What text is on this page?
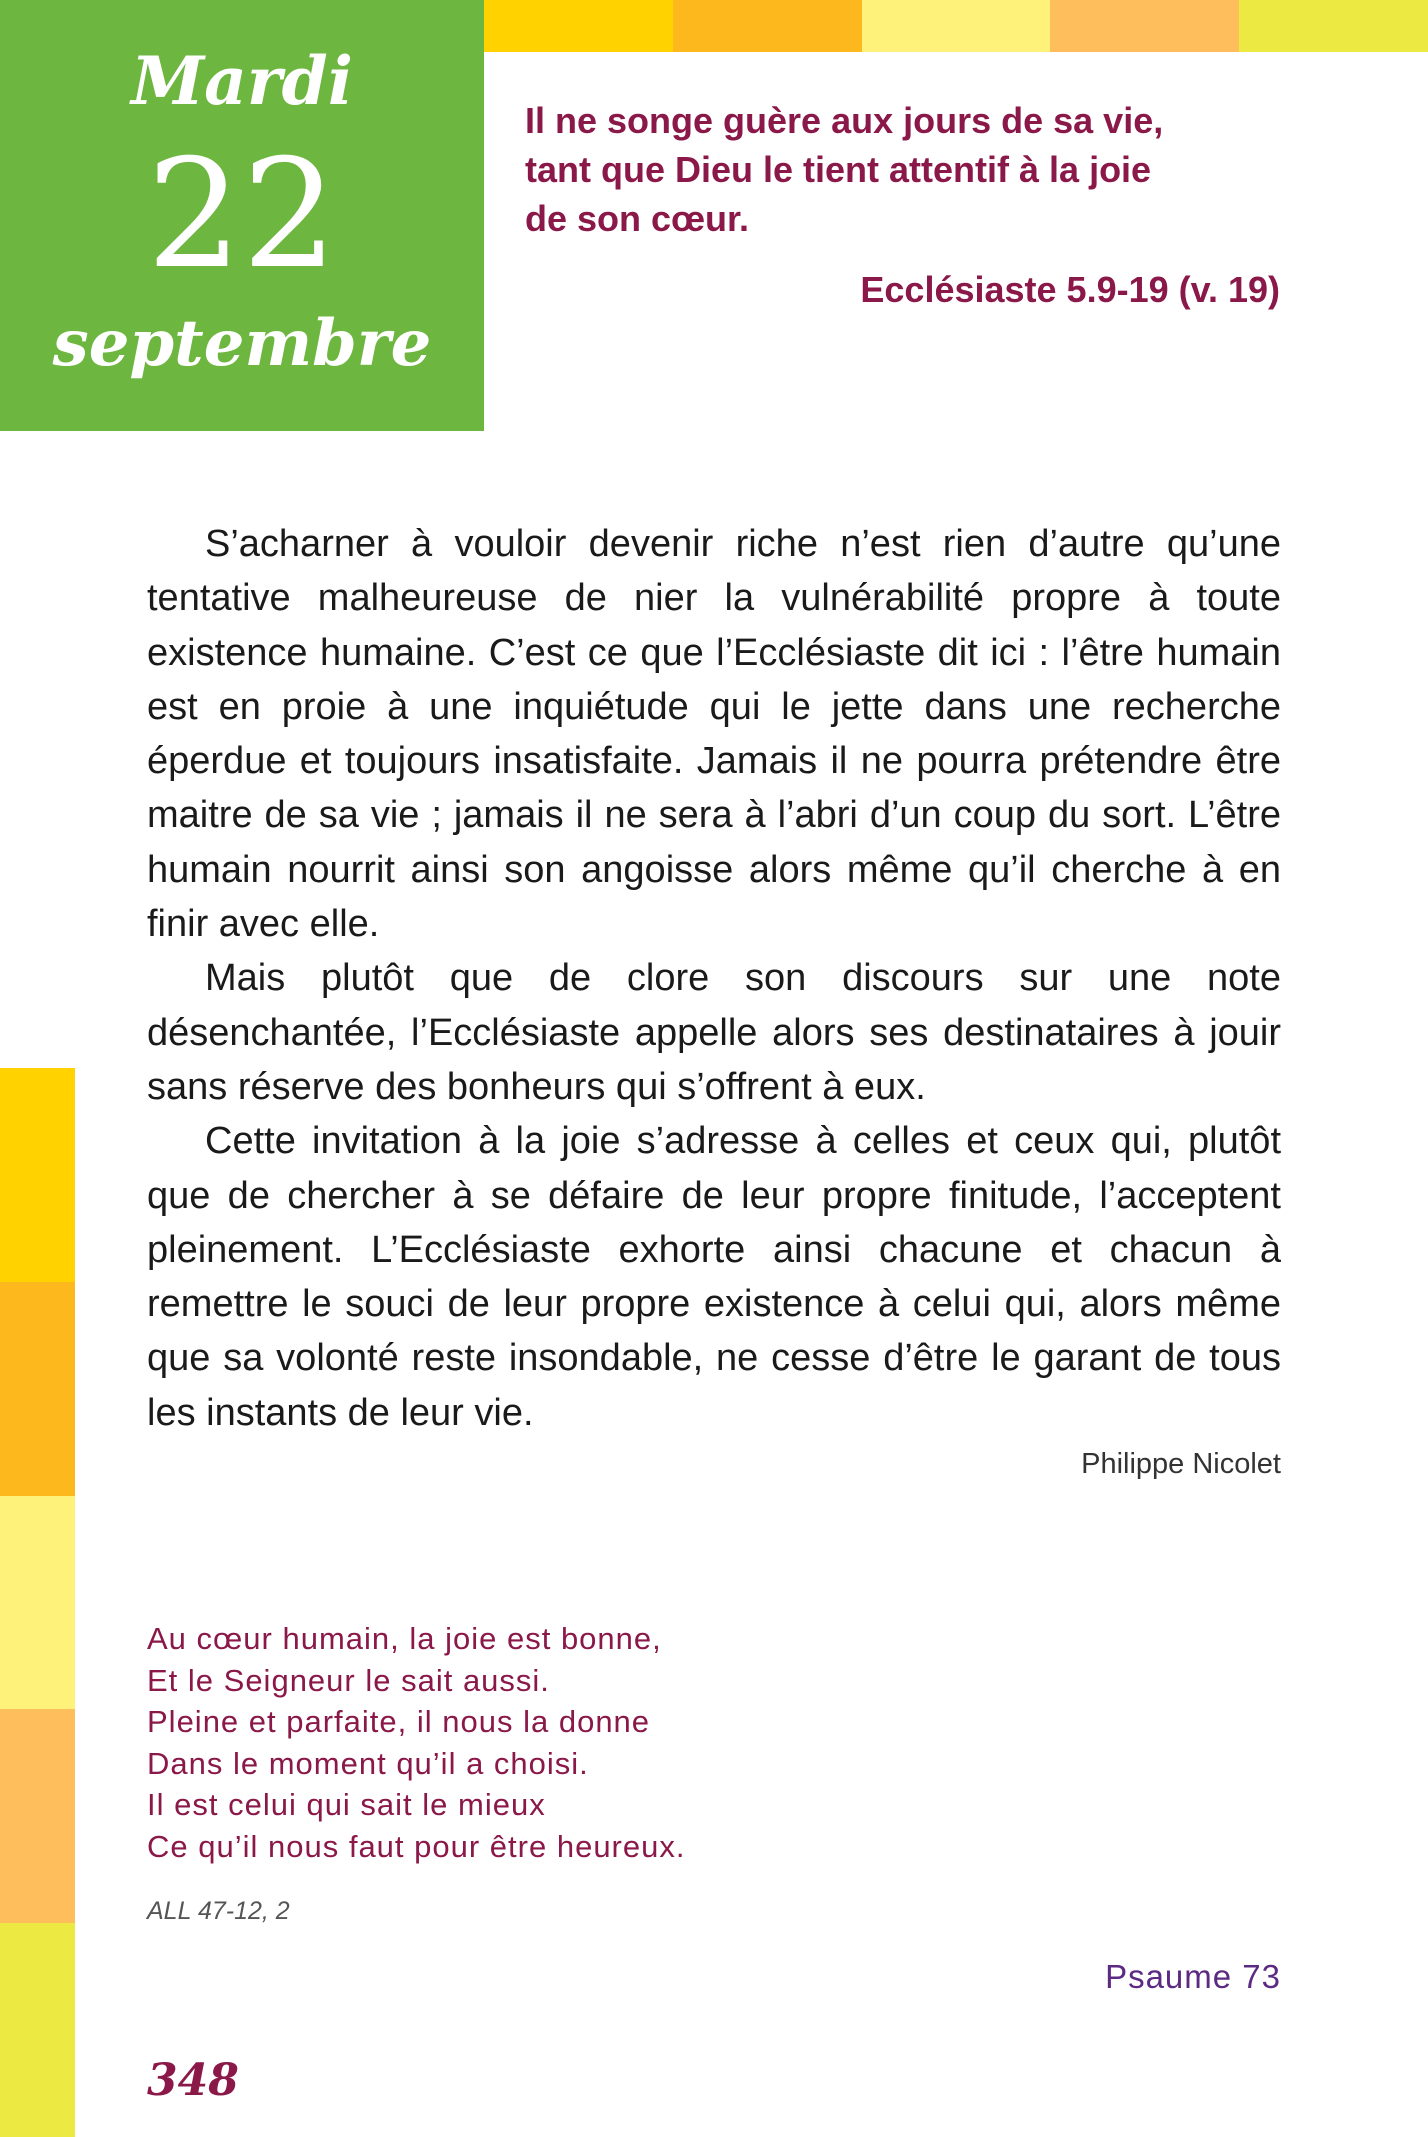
Mardi
22
septembre
Il ne songe guère aux jours de sa vie,
tant que Dieu le tient attentif à la joie
de son cœur.
Ecclésiaste 5.9-19 (v. 19)

S’acharner à vouloir devenir riche n’est rien d’autre qu’une tentative malheureuse de nier la vulnérabilité propre à toute existence humaine. C’est ce que l’Ecclésiaste dit ici : l’être humain est en proie à une inquiétude qui le jette dans une recherche éperdue et toujours insatisfaite. Jamais il ne pourra prétendre être maitre de sa vie ; jamais il ne sera à l’abri d’un coup du sort. L’être humain nourrit ainsi son angoisse alors même qu’il cherche à en finir avec elle.

Mais plutôt que de clore son discours sur une note désenchantée, l’Ecclésiaste appelle alors ses destinataires à jouir sans réserve des bonheurs qui s’offrent à eux.

Cette invitation à la joie s’adresse à celles et ceux qui, plutôt que de chercher à se défaire de leur propre finitude, l’acceptent pleinement. L’Ecclésiaste exhorte ainsi chacune et chacun à remettre le souci de leur propre existence à celui qui, alors même que sa volonté reste insondable, ne cesse d’être le garant de tous les instants de leur vie.

Philippe Nicolet
Au cœur humain, la joie est bonne,
Et le Seigneur le sait aussi.
Pleine et parfaite, il nous la donne
Dans le moment qu’il a choisi.
Il est celui qui sait le mieux
Ce qu’il nous faut pour être heureux.
ALL 47-12, 2
Psaume 73
348
